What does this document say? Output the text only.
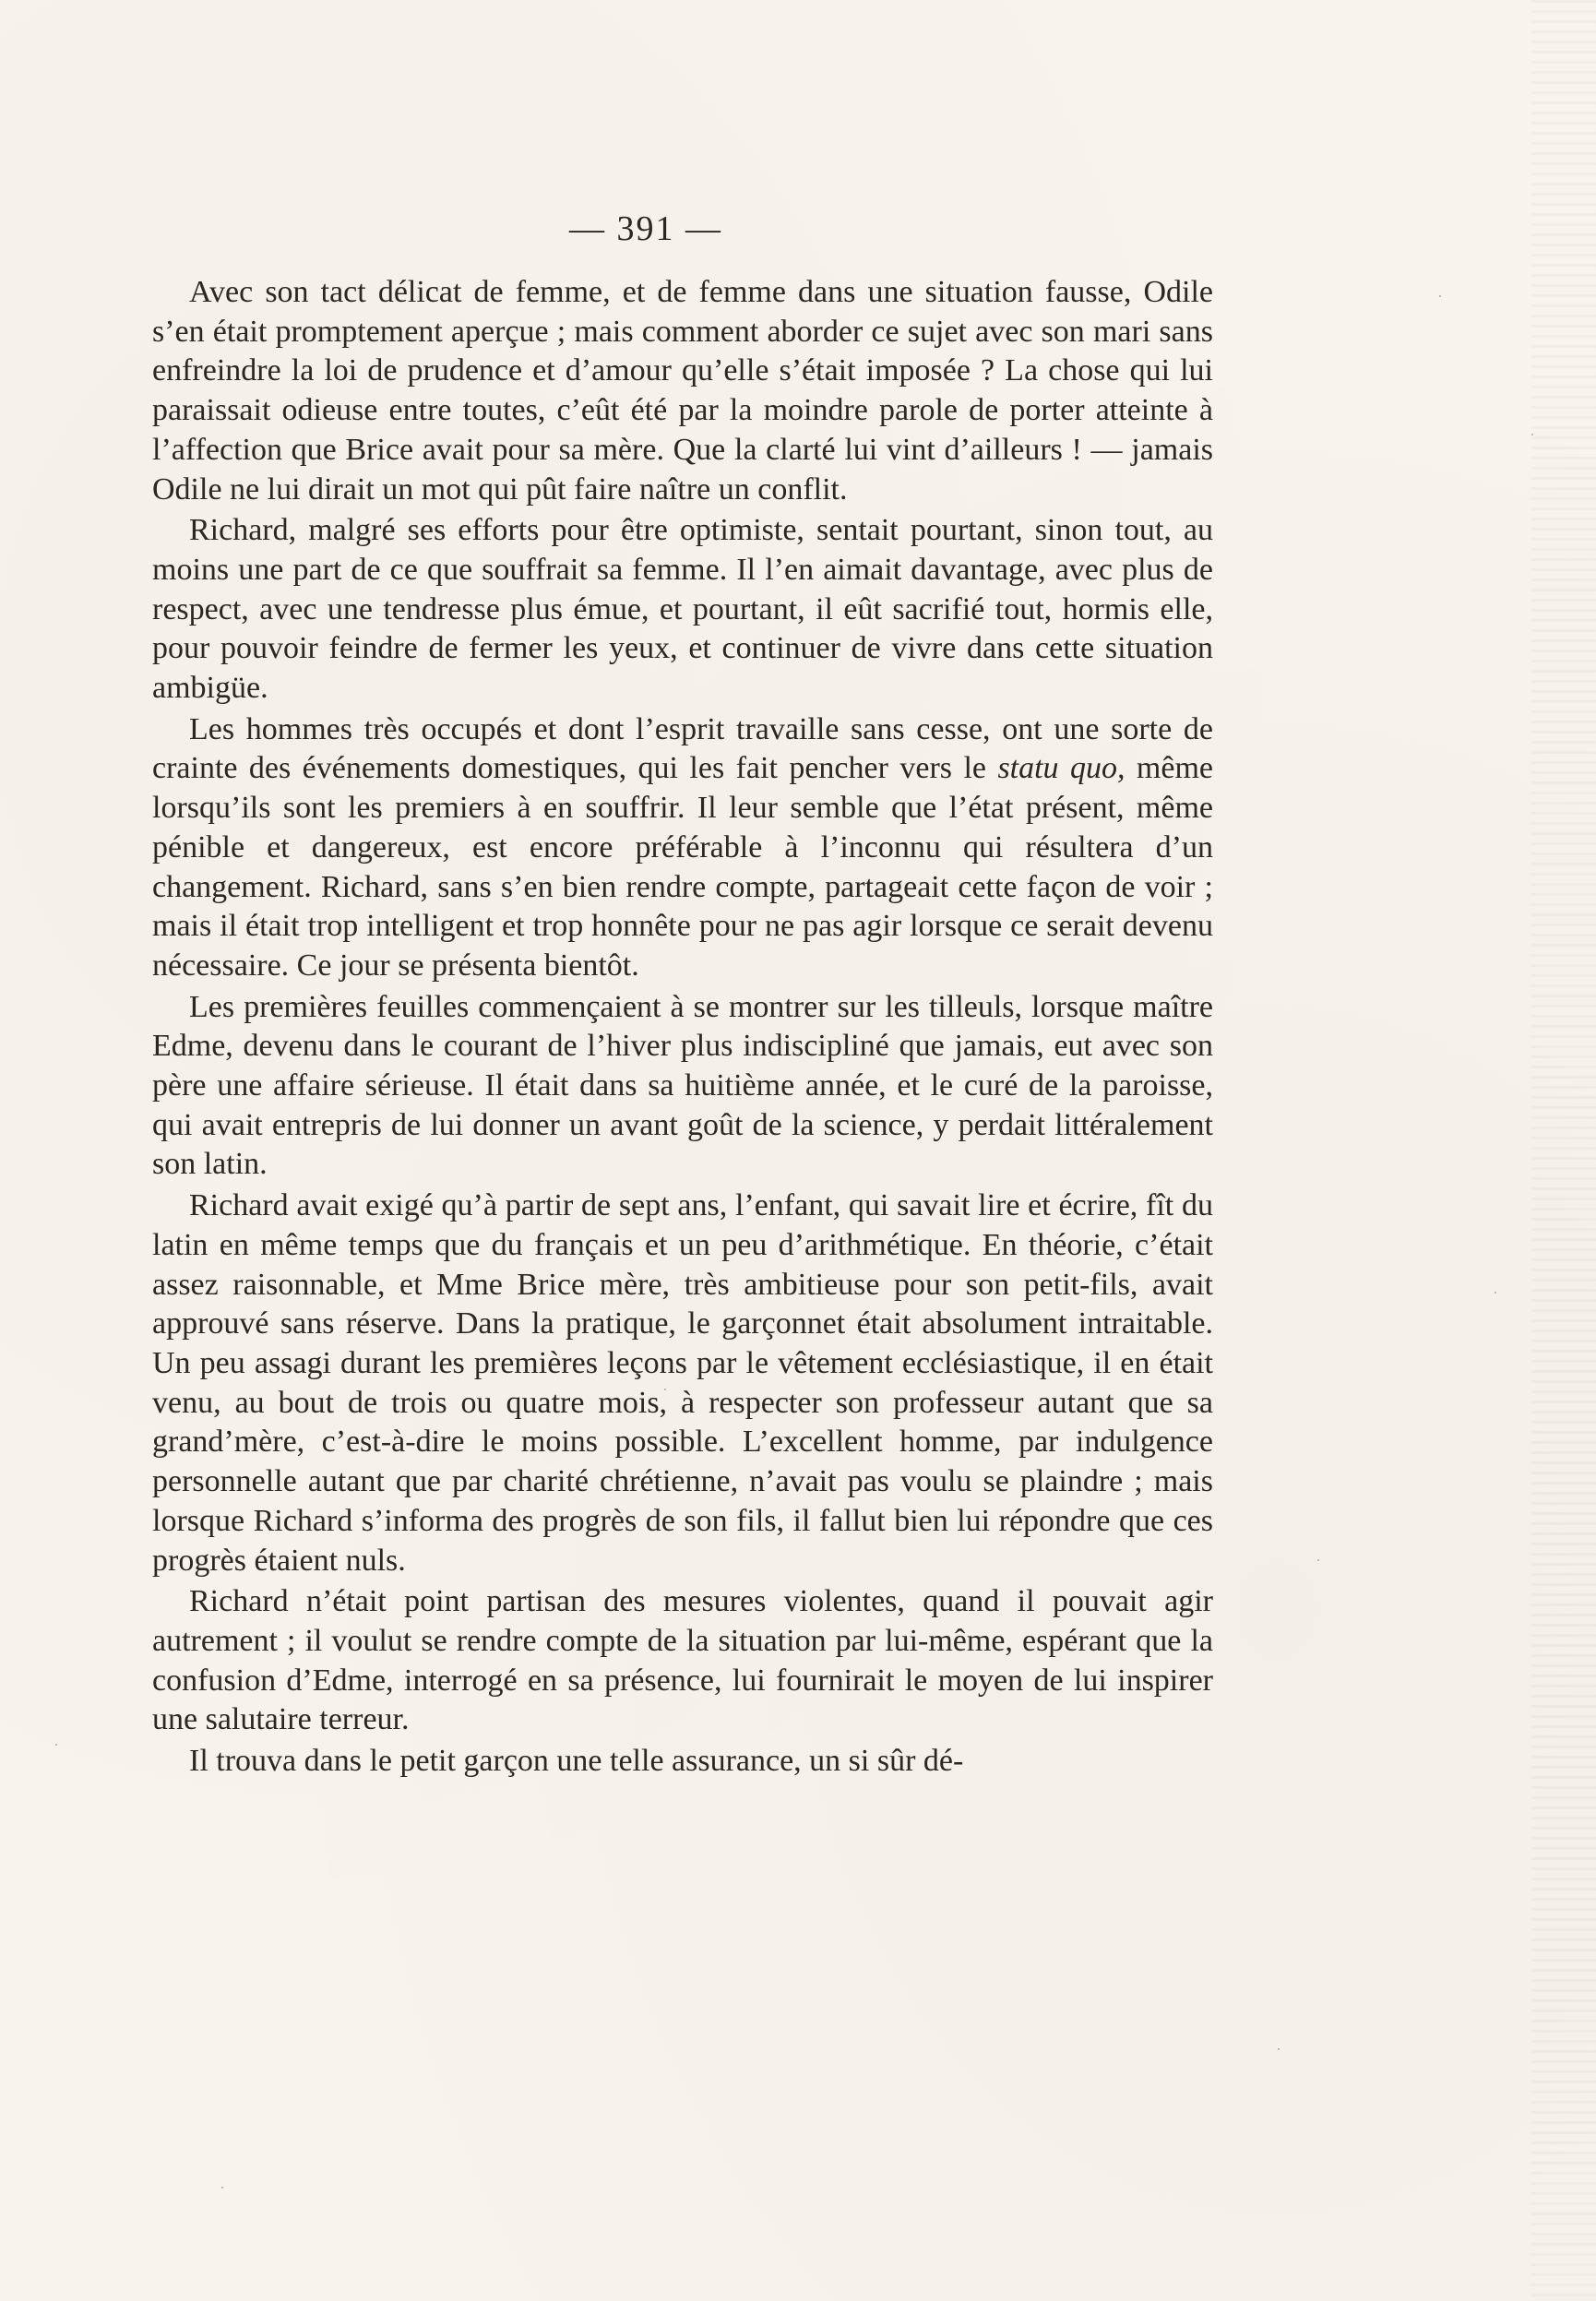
— 391 —

Avec son tact délicat de femme, et de femme dans une situation fausse, Odile s’en était promptement aperçue ; mais comment aborder ce sujet avec son mari sans enfreindre la loi de prudence et d’amour qu’elle s’était imposée ? La chose qui lui paraissait odieuse entre toutes, c’eût été par la moindre parole de porter atteinte à l’affection que Brice avait pour sa mère. Que la clarté lui vint d’ailleurs ! — jamais Odile ne lui dirait un mot qui pût faire naître un conflit.

Richard, malgré ses efforts pour être optimiste, sentait pourtant, sinon tout, au moins une part de ce que souffrait sa femme. Il l’en aimait davantage, avec plus de respect, avec une tendresse plus émue, et pourtant, il eût sacrifié tout, hormis elle, pour pouvoir feindre de fermer les yeux, et continuer de vivre dans cette situation ambigüe.

Les hommes très occupés et dont l’esprit travaille sans cesse, ont une sorte de crainte des événements domestiques, qui les fait pencher vers le statu quo, même lorsqu’ils sont les premiers à en souffrir. Il leur semble que l’état présent, même pénible et dangereux, est encore préférable à l’inconnu qui résultera d’un changement. Richard, sans s’en bien rendre compte, partageait cette façon de voir ; mais il était trop intelligent et trop honnête pour ne pas agir lorsque ce serait devenu nécessaire. Ce jour se présenta bientôt.

Les premières feuilles commençaient à se montrer sur les tilleuls, lorsque maître Edme, devenu dans le courant de l’hiver plus indiscipliné que jamais, eut avec son père une affaire sérieuse. Il était dans sa huitième année, et le curé de la paroisse, qui avait entrepris de lui donner un avant goût de la science, y perdait littéralement son latin.

Richard avait exigé qu’à partir de sept ans, l’enfant, qui savait lire et écrire, fît du latin en même temps que du français et un peu d’arithmétique. En théorie, c’était assez raisonnable, et Mme Brice mère, très ambitieuse pour son petit-fils, avait approuvé sans réserve. Dans la pratique, le garçonnet était absolument intraitable. Un peu assagi durant les premières leçons par le vêtement ecclésiastique, il en était venu, au bout de trois ou quatre mois, à respecter son professeur autant que sa grand’mère, c’est-à-dire le moins possible. L’excellent homme, par indulgence personnelle autant que par charité chrétienne, n’avait pas voulu se plaindre ; mais lorsque Richard s’informa des progrès de son fils, il fallut bien lui répondre que ces progrès étaient nuls.

Richard n’était point partisan des mesures violentes, quand il pouvait agir autrement ; il voulut se rendre compte de la situation par lui-même, espérant que la confusion d’Edme, interrogé en sa présence, lui fournirait le moyen de lui inspirer une salutaire terreur.

Il trouva dans le petit garçon une telle assurance, un si sûr dé-
